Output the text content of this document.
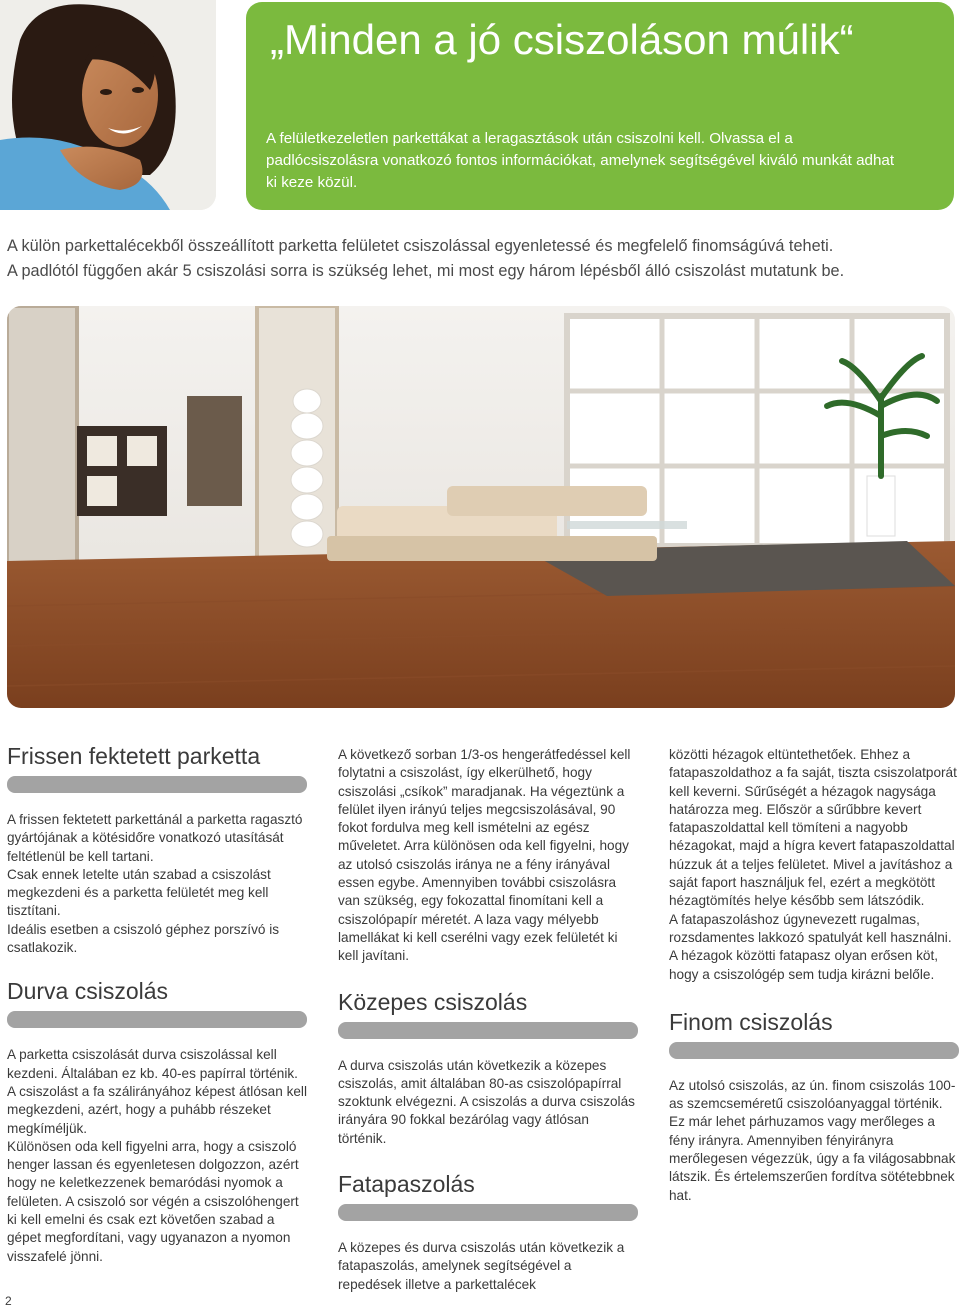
„Minden a jó csiszoláson múlik“

A felületkezeletlen parkettákat a leragasztások után csiszolni kell. Olvassa el a padlócsiszolásra vonatkozó fontos információkat, amelynek segítségével kiváló munkát adhat ki keze közül.

A külön parkettalécekből összeállított parketta felületet csiszolással egyenletessé és megfelelő finomságúvá teheti.
A padlótól függően akár 5 csiszolási sorra is szükség lehet, mi most egy három lépésből álló csiszolást mutatunk be.
Frissen fektetett parketta

A frissen fektetett parkettánál a parketta ragasztó gyártójának a kötésidőre vonatkozó utasítását feltétlenül be kell tartani.

Csak ennek letelte után szabad a csiszolást megkezdeni és a parketta felületét meg kell tisztítani.

Ideális esetben a csiszoló géphez porszívó is csatlakozik.

Durva csiszolás

A parketta csiszolását durva csiszolással kell kezdeni. Általában ez kb. 40-es papírral történik.

A csiszolást a fa szálirányához képest átlósan kell megkezdeni, azért, hogy a puhább részeket megkíméljük.

Különösen oda kell figyelni arra, hogy a csiszoló henger lassan és egyenletesen dolgozzon, azért hogy ne keletkezzenek bemaródási nyomok a felületen. A csiszoló sor végén a csiszolóhengert ki kell emelni és csak ezt követően szabad a gépet megfordítani, vagy ugyanazon a nyomon visszafelé jönni.

A következő sorban 1/3-os hengerátfedéssel kell folytatni a csiszolást, így elkerülhető, hogy csiszolási „csíkok” maradjanak. Ha végeztünk a felület ilyen irányú teljes megcsiszolásával, 90 fokot fordulva meg kell ismételni az egész műveletet. Arra különösen oda kell figyelni, hogy az utolsó csiszolás iránya ne a fény irányával essen egybe. Amennyiben további csiszolásra van szükség, egy fokozattal finomítani kell a csiszolópapír méretét. A laza vagy mélyebb lamellákat ki kell cserélni vagy ezek felületét ki kell javítani.

Közepes csiszolás

A durva csiszolás után következik a közepes csiszolás, amit általában 80-as csiszolópapírral szoktunk elvégezni. A csiszolás a durva csiszolás irányára 90 fokkal bezárólag vagy átlósan történik.

Fatapaszolás

A közepes és durva csiszolás után következik a fatapaszolás, amelynek segítségével a repedések illetve a parkettalécek

közötti hézagok eltüntethetőek. Ehhez a fatapaszoldathoz a fa saját, tiszta csiszolatporát kell keverni. Sűrűségét a hézagok nagysága határozza meg. Először a sűrűbbre kevert fatapaszoldattal kell tömíteni a nagyobb hézagokat, majd a hígra kevert fatapaszoldattal húzzuk át a teljes felületet. Mivel a javításhoz a saját faport használjuk fel, ezért a megkötött hézagtömítés helye később sem látszódik.

A fatapaszoláshoz úgynevezett rugalmas, rozsdamentes lakkozó spatulyát kell használni. A hézagok közötti fatapasz olyan erősen köt, hogy a csiszológép sem tudja kirázni belőle.

Finom csiszolás

Az utolsó csiszolás, az ún. finom csiszolás 100-as szemcseméretű csiszolóanyaggal történik.

Ez már lehet párhuzamos vagy merőleges a fény irányra. Amennyiben fényirányra merőlegesen végezzük, úgy a fa világosabbnak látszik. És értelemszerűen fordítva sötétebbnek hat.

2
